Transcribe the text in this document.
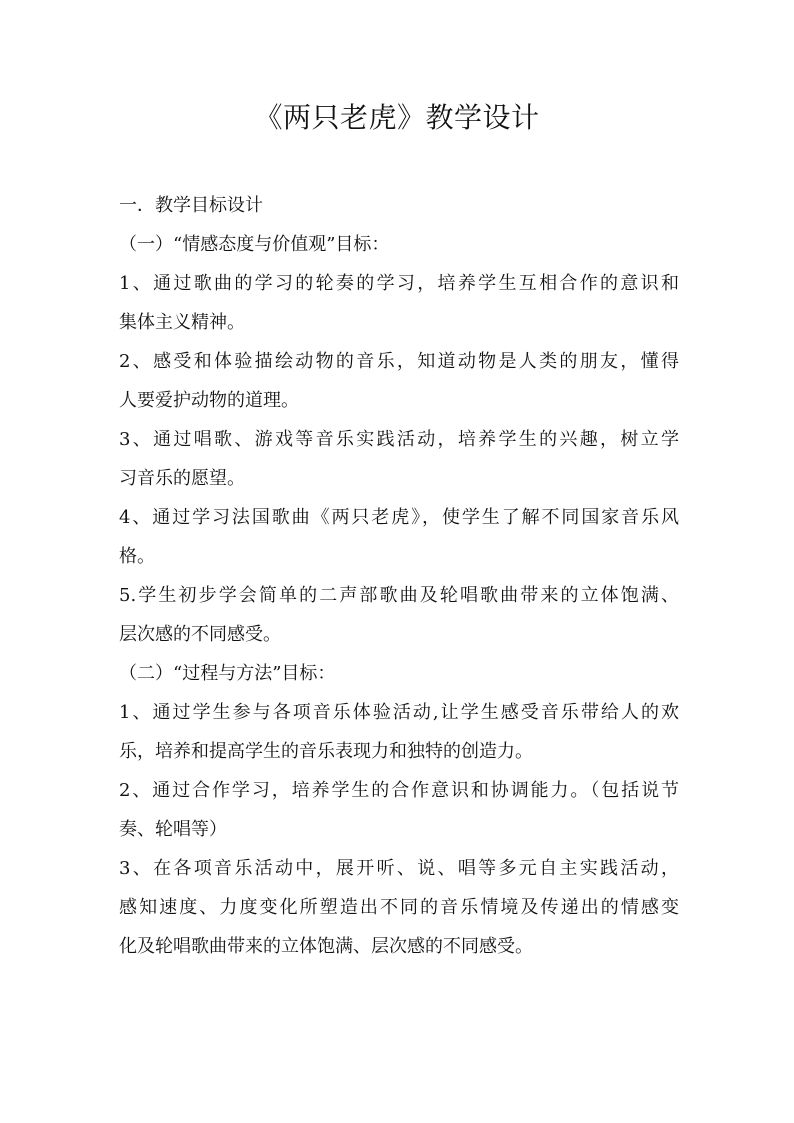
《两只老虎》教学设计
一．教学目标设计
（一）“情感态度与价值观”目标：
1、通过歌曲的学习的轮奏的学习，培养学生互相合作的意识和
集体主义精神。
2、感受和体验描绘动物的音乐，知道动物是人类的朋友，懂得
人要爱护动物的道理。
3、通过唱歌、游戏等音乐实践活动，培养学生的兴趣，树立学
习音乐的愿望。
4、通过学习法国歌曲《两只老虎》，使学生了解不同国家音乐风
格。
5.学生初步学会简单的二声部歌曲及轮唱歌曲带来的立体饱满、
层次感的不同感受。
（二）“过程与方法”目标：
1、通过学生参与各项音乐体验活动,让学生感受音乐带给人的欢
乐，培养和提高学生的音乐表现力和独特的创造力。
2、通过合作学习，培养学生的合作意识和协调能力。（包括说节
奏、轮唱等）
3、在各项音乐活动中，展开听、说、唱等多元自主实践活动，
感知速度、力度变化所塑造出不同的音乐情境及传递出的情感变
化及轮唱歌曲带来的立体饱满、层次感的不同感受。
